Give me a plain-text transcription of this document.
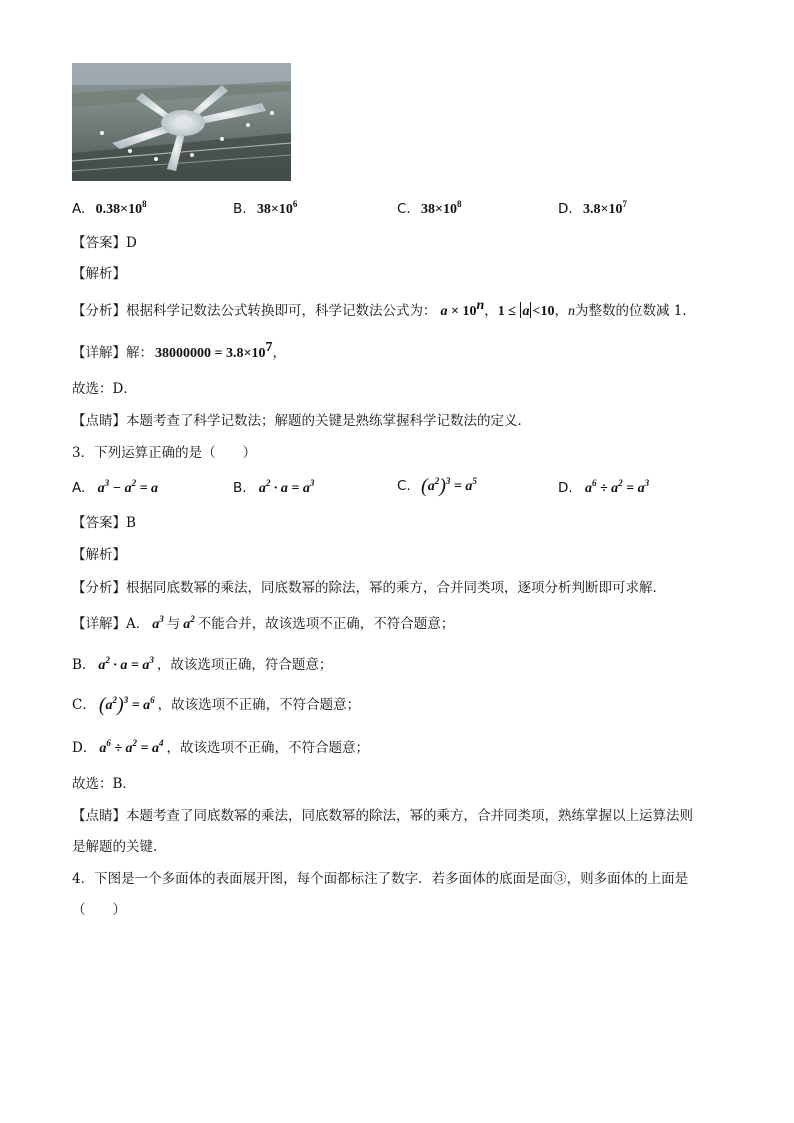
A. $0.38\times 10^8$	B. $38\times 10^6$	C. $38\times 10^8$	D. $3.8\times 10^7$
【答案】D
【解析】
【分析】根据科学记数法公式转换即可，科学记数法公式为： $a \times 10^n$，1 ≤ a <10，n为整数的位数减 1．
【详解】解： $38000000 = 3.8\times 10^7$，
故选：D．
【点睛】本题考查了科学记数法；解题的关键是熟练掌握科学记数法的定义．
3．下列运算正确的是（　　）
A. $a^3 - a^2 = a$	B. $a^2 \cdot a = a^3$	C. $(a^2)^3 = a^5$	D. $a^6 \div a^2 = a^3$
【答案】B
【解析】
【分析】根据同底数幂的乘法，同底数幂的除法，幂的乘方，合并同类项，逐项分析判断即可求解．
【详解】A． $a^3$ 与 $a^2$ 不能合并，故该选项不正确，不符合题意；
B． $a^2 \cdot a = a^3$ ，故该选项正确，符合题意；
C． $(a^2)^3 = a^6$ ，故该选项不正确，不符合题意；
D． $a^6 \div a^2 = a^4$ ，故该选项不正确，不符合题意；
故选：B．
【点睛】本题考查了同底数幂的乘法，同底数幂的除法，幂的乘方，合并同类项，熟练掌握以上运算法则
是解题的关键．
4．下图是一个多面体的表面展开图，每个面都标注了数字．若多面体的底面是面③，则多面体的上面是
（　　）
